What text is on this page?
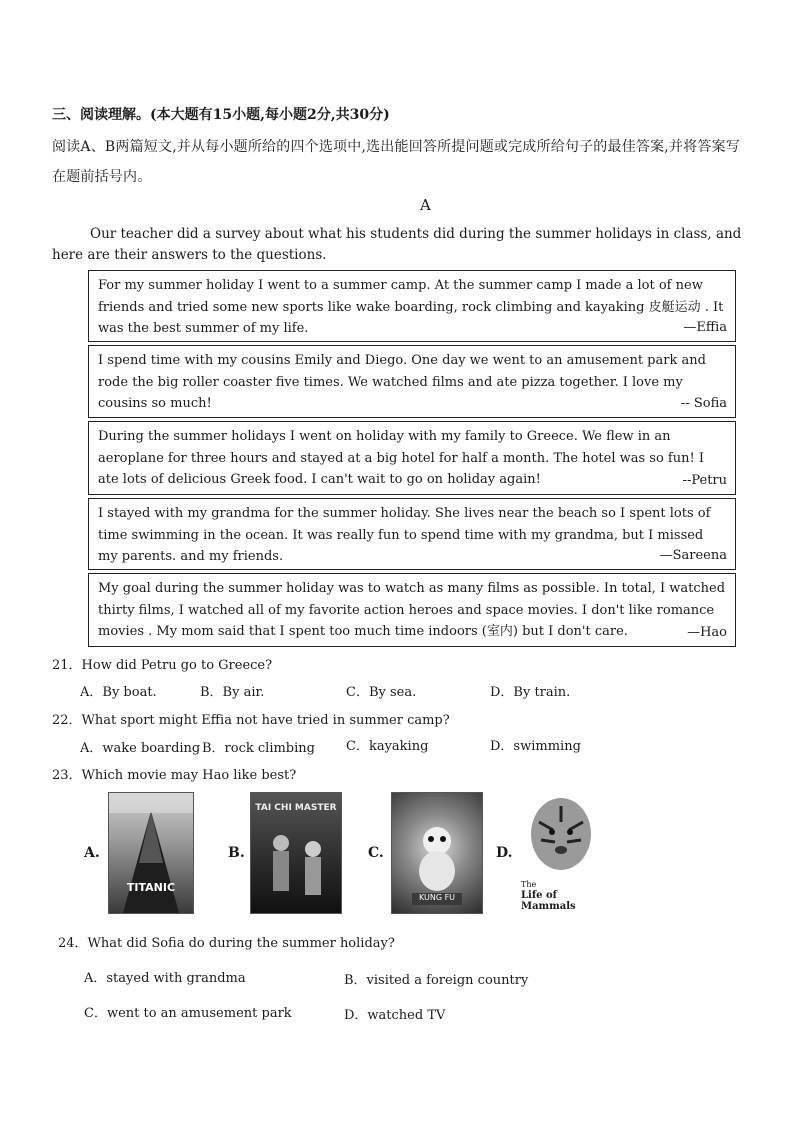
三、阅读理解。(本大题有15小题,每小题2分,共30分)
阅读A、B两篇短文,并从每小题所给的四个选项中,选出能回答所提问题或完成所给句子的最佳答案,并将答案写
在题前括号内。
A
Our teacher did a survey about what his students did during the summer holidays in class, and here are their answers to the questions.
For my summer holiday I went to a summer camp. At the summer camp I made a lot of new friends and tried some new sports like wake boarding, rock climbing and kayaking 皮艇运动 . It was the best summer of my life.	—Effia
I spend time with my cousins Emily and Diego. One day we went to an amusement park and rode the big roller coaster five times. We watched films and ate pizza together. I love my cousins so much!	-- Sofia
During the summer holidays I went on holiday with my family to Greece. We flew in an aeroplane for three hours and stayed at a big hotel for half a month. The hotel was so fun! I ate lots of delicious Greek food. I can't wait to go on holiday again!	--Petru
I stayed with my grandma for the summer holiday. She lives near the beach so I spent lots of time swimming in the ocean. It was really fun to spend time with my grandma, but I missed my parents. and my friends.	—Sareena
My goal during the summer holiday was to watch as many films as possible. In total, I watched thirty films, I watched all of my favorite action heroes and space movies. I don't like romance movies . My mom said that I spent too much time indoors (室内) but I don't care.	—Hao
21．How did Petru go to Greece?
A．By boat.	B．By air.	C．By sea.	D．By train.
22．What sport might Effia not have tried in summer camp?
A．wake boarding B．rock climbing C．kayaking	D．swimming
23．Which movie may Hao like best?
A.
TITANIC
B.
TAI CHI MASTER
C.
KUNG FU
D.
The
Life of Mammals
24．What did Sofia do during the summer holiday?
A．stayed with grandma	B．visited a foreign country
C．went to an amusement park	D．watched TV
